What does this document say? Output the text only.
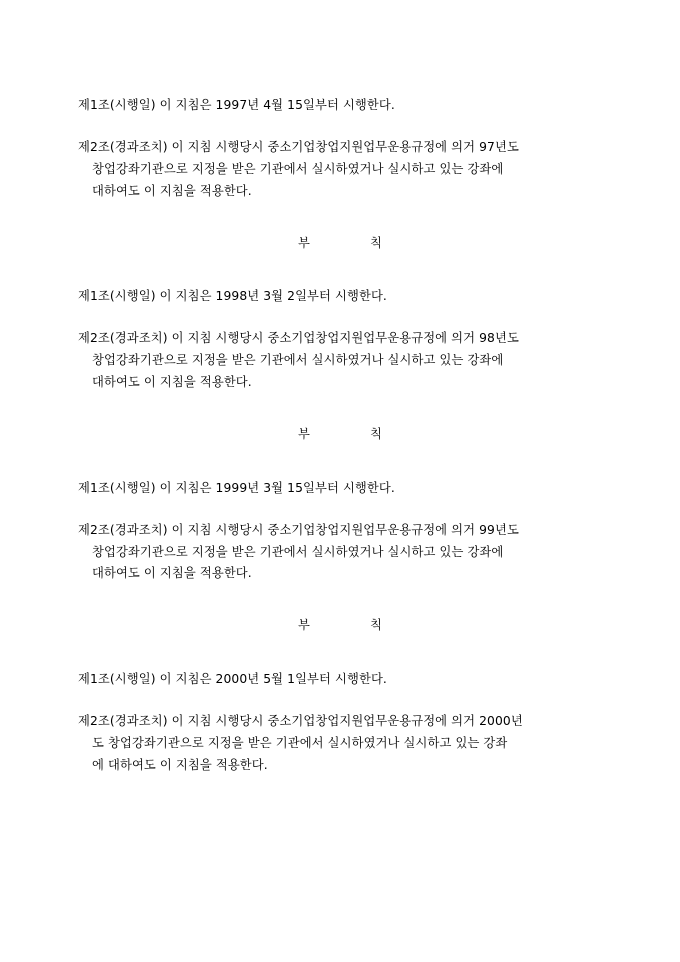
제1조(시행일) 이 지침은 1997년 4월 15일부터 시행한다.

제2조(경과조치) 이 지침 시행당시 중소기업창업지원업무운용규정에 의거 97년도
창업강좌기관으로 지정을 받은 기관에서 실시하였거나 실시하고 있는 강좌에
대하여도 이 지침을 적용한다.

부	칙

제1조(시행일) 이 지침은 1998년 3월 2일부터 시행한다.

제2조(경과조치) 이 지침 시행당시 중소기업창업지원업무운용규정에 의거 98년도
창업강좌기관으로 지정을 받은 기관에서 실시하였거나 실시하고 있는 강좌에
대하여도 이 지침을 적용한다.

부	칙

제1조(시행일) 이 지침은 1999년 3월 15일부터 시행한다.

제2조(경과조치) 이 지침 시행당시 중소기업창업지원업무운용규정에 의거 99년도
창업강좌기관으로 지정을 받은 기관에서 실시하였거나 실시하고 있는 강좌에
대하여도 이 지침을 적용한다.

부	칙

제1조(시행일) 이 지침은 2000년 5월 1일부터 시행한다.

제2조(경과조치) 이 지침 시행당시 중소기업창업지원업무운용규정에 의거 2000년
도 창업강좌기관으로 지정을 받은 기관에서 실시하였거나 실시하고 있는 강좌
에 대하여도 이 지침을 적용한다.
